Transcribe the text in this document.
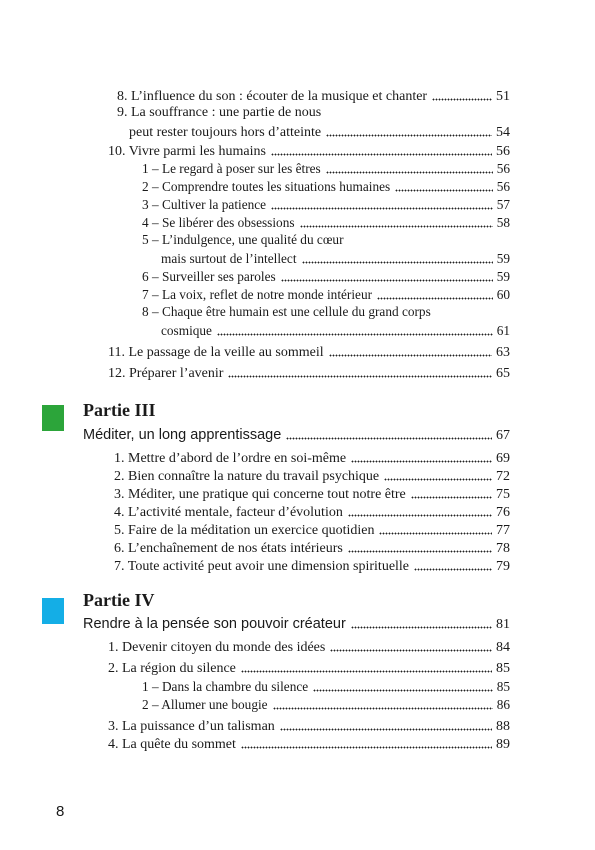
8. L’influence du son : écouter de la musique et chanter	51
9. La souffrance : une partie de nous
peut rester toujours hors d’atteinte	54
10. Vivre parmi les humains	56
1 – Le regard à poser sur les êtres	56
2 – Comprendre toutes les situations humaines	56
3 – Cultiver la patience	57
4 – Se libérer des obsessions	58
5 – L’indulgence, une qualité du cœur
mais surtout de l’intellect	59
6 – Surveiller ses paroles	59
7 – La voix, reflet de notre monde intérieur	60
8 – Chaque être humain est une cellule du grand corps
cosmique	61
11. Le passage de la veille au sommeil	63
12. Préparer l’avenir	65
Partie III
Méditer, un long apprentissage	67
1. Mettre d’abord de l’ordre en soi-même	69
2. Bien connaître la nature du travail psychique	72
3. Méditer, une pratique qui concerne tout notre être	75
4. L’activité mentale, facteur d’évolution	76
5. Faire de la méditation un exercice quotidien	77
6. L’enchaînement de nos états intérieurs	78
7. Toute activité peut avoir une dimension spirituelle	79
Partie IV
Rendre à la pensée son pouvoir créateur	81
1. Devenir citoyen du monde des idées	84
2. La région du silence	85
1 – Dans la chambre du silence	85
2 – Allumer une bougie	86
3. La puissance d’un talisman	88
4. La quête du sommet	89
8
